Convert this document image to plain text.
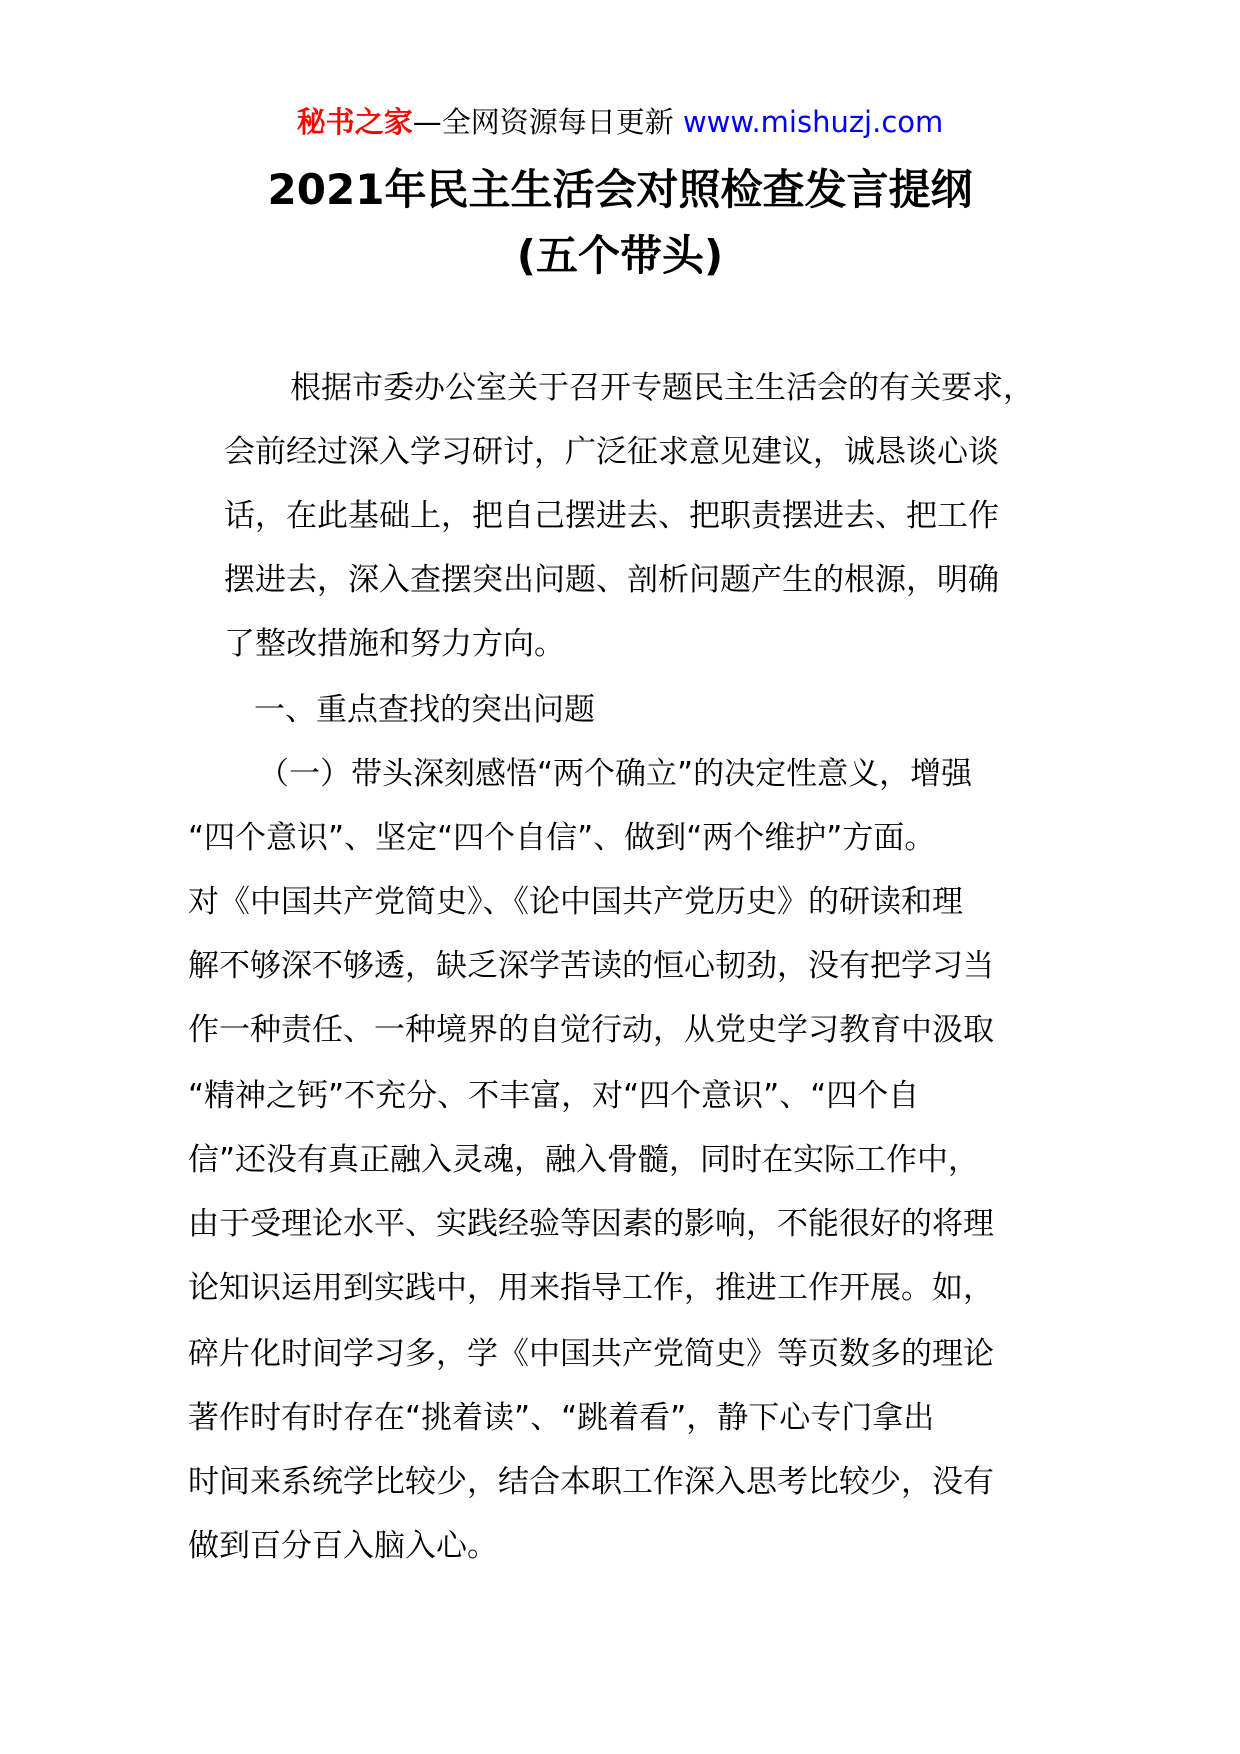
秘书之家—全网资源每日更新 www.mishuzj.com
2021年民主生活会对照检查发言提纲
(五个带头)
根据市委办公室关于召开专题民主生活会的有关要求，
会前经过深入学习研讨，广泛征求意见建议，诚恳谈心谈
话，在此基础上，把自己摆进去、把职责摆进去、把工作
摆进去，深入查摆突出问题、剖析问题产生的根源，明确
了整改措施和努力方向。
一、重点查找的突出问题
（一）带头深刻感悟“两个确立”的决定性意义，增强
“四个意识”、坚定“四个自信”、做到“两个维护”方面。
对《中国共产党简史》、《论中国共产党历史》的研读和理
解不够深不够透，缺乏深学苦读的恒心韧劲，没有把学习当
作一种责任、一种境界的自觉行动，从党史学习教育中汲取
“精神之钙”不充分、不丰富，对“四个意识”、“四个自
信”还没有真正融入灵魂，融入骨髓，同时在实际工作中，
由于受理论水平、实践经验等因素的影响，不能很好的将理
论知识运用到实践中，用来指导工作，推进工作开展。如，
碎片化时间学习多，学《中国共产党简史》等页数多的理论
著作时有时存在“挑着读”、“跳着看”，静下心专门拿出
时间来系统学比较少，结合本职工作深入思考比较少，没有
做到百分百入脑入心。
